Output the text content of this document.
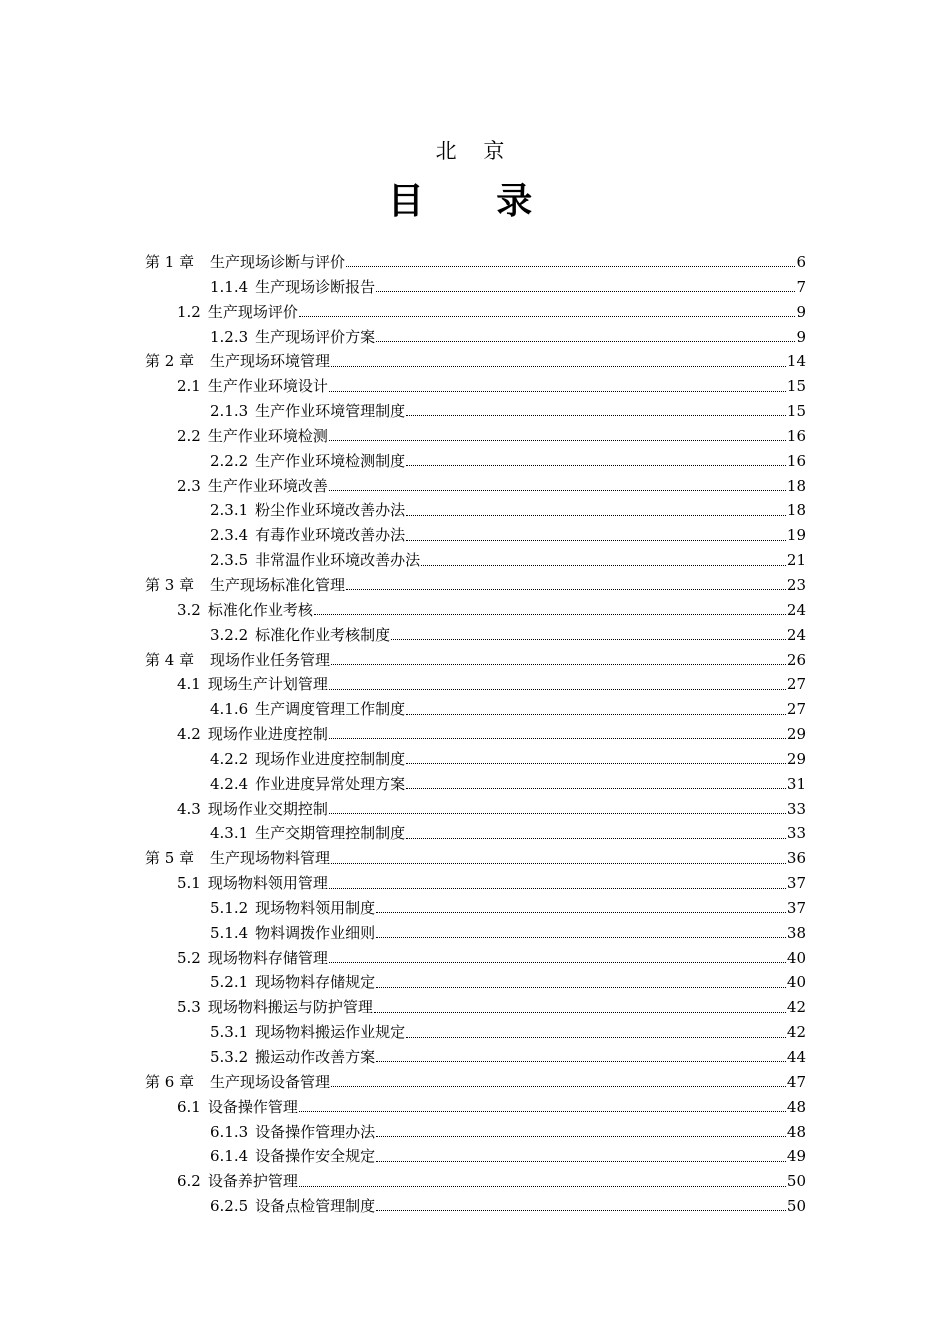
北 京
目 录
第 1 章	生产现场诊断与评价	6
1.1.4 生产现场诊断报告	7
1.2 生产现场评价	9
1.2.3 生产现场评价方案	9
第 2 章	生产现场环境管理	14
2.1 生产作业环境设计	15
2.1.3 生产作业环境管理制度	15
2.2 生产作业环境检测	16
2.2.2 生产作业环境检测制度	16
2.3 生产作业环境改善	18
2.3.1 粉尘作业环境改善办法	18
2.3.4 有毒作业环境改善办法	19
2.3.5 非常温作业环境改善办法	21
第 3 章	生产现场标准化管理	23
3.2 标准化作业考核	24
3.2.2 标准化作业考核制度	24
第 4 章	现场作业任务管理	26
4.1 现场生产计划管理	27
4.1.6 生产调度管理工作制度	27
4.2 现场作业进度控制	29
4.2.2 现场作业进度控制制度	29
4.2.4 作业进度异常处理方案	31
4.3 现场作业交期控制	33
4.3.1 生产交期管理控制制度	33
第 5 章	生产现场物料管理	36
5.1 现场物料领用管理	37
5.1.2 现场物料领用制度	37
5.1.4 物料调拨作业细则	38
5.2 现场物料存储管理	40
5.2.1 现场物料存储规定	40
5.3 现场物料搬运与防护管理	42
5.3.1 现场物料搬运作业规定	42
5.3.2 搬运动作改善方案	44
第 6 章	生产现场设备管理	47
6.1 设备操作管理	48
6.1.3 设备操作管理办法	48
6.1.4 设备操作安全规定	49
6.2 设备养护管理	50
6.2.5 设备点检管理制度	50
